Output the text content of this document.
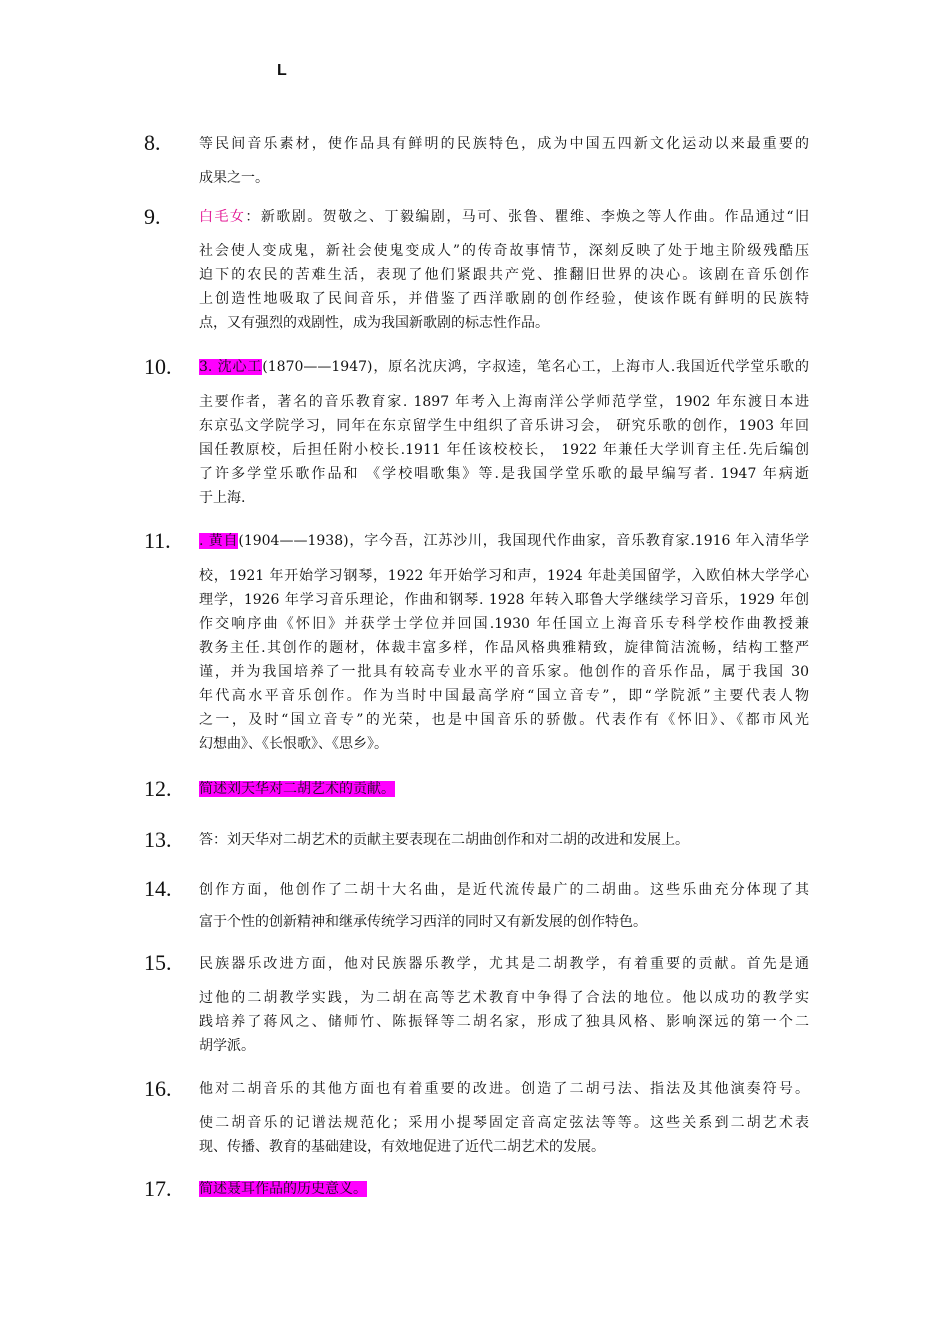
L
8.	等民间音乐素材，使作品具有鲜明的民族特色，成为中国五四新文化运动以来最重要的
成果之一。
9.	白毛女：新歌剧。贺敬之、丁毅编剧，马可、张鲁、瞿维、李焕之等人作曲。作品通过“旧
社会使人变成鬼，新社会使鬼变成人”的传奇故事情节，深刻反映了处于地主阶级残酷压
迫下的农民的苦难生活，表现了他们紧跟共产党、推翻旧世界的决心。该剧在音乐创作
上创造性地吸取了民间音乐，并借鉴了西洋歌剧的创作经验，使该作既有鲜明的民族特
点，又有强烈的戏剧性，成为我国新歌剧的标志性作品。
10. 3. 沈心工(1870——1947)，原名沈庆鸿，字叔逵，笔名心工，上海市人.我国近代学堂乐歌的
主要作者，著名的音乐教育家. 1897 年考入上海南洋公学师范学堂，1902 年东渡日本进
东京弘文学院学习，同年在东京留学生中组织了音乐讲习会， 研究乐歌的创作，1903 年回
国任教原校，后担任附小校长.1911 年任该校校长， 1922 年兼任大学训育主任.先后编创
了许多学堂乐歌作品和 《学校唱歌集》等.是我国学堂乐歌的最早编写者. 1947 年病逝
于上海.
11. . 黄自(1904——1938)，字今吾，江苏沙川，我国现代作曲家，音乐教育家.1916 年入清华学
校，1921 年开始学习钢琴，1922 年开始学习和声，1924 年赴美国留学，入欧伯林大学学心
理学，1926 年学习音乐理论，作曲和钢琴. 1928 年转入耶鲁大学继续学习音乐，1929 年创
作交响序曲《怀旧》并获学士学位并回国.1930 年任国立上海音乐专科学校作曲教授兼
教务主任.其创作的题材，体裁丰富多样，作品风格典雅精致，旋律简洁流畅，结构工整严
谨，并为我国培养了一批具有较高专业水平的音乐家。他创作的音乐作品，属于我国 30
年代高水平音乐创作。作为当时中国最高学府“国立音专”，即“学院派”主要代表人物
之一，及时“国立音专”的光荣，也是中国音乐的骄傲。代表作有《怀旧》、《都市风光
幻想曲》、《长恨歌》、《思乡》。
12. 简述刘天华对二胡艺术的贡献。
13. 答：刘天华对二胡艺术的贡献主要表现在二胡曲创作和对二胡的改进和发展上。
14. 创作方面，他创作了二胡十大名曲，是近代流传最广的二胡曲。这些乐曲充分体现了其
富于个性的创新精神和继承传统学习西洋的同时又有新发展的创作特色。
15. 民族器乐改进方面，他对民族器乐教学，尤其是二胡教学，有着重要的贡献。首先是通
过他的二胡教学实践，为二胡在高等艺术教育中争得了合法的地位。他以成功的教学实
践培养了蒋风之、储师竹、陈振铎等二胡名家，形成了独具风格、影响深远的第一个二
胡学派。
16. 他对二胡音乐的其他方面也有着重要的改进。创造了二胡弓法、指法及其他演奏符号。
使二胡音乐的记谱法规范化；采用小提琴固定音高定弦法等等。这些关系到二胡艺术表
现、传播、教育的基础建设，有效地促进了近代二胡艺术的发展。
17. 简述聂耳作品的历史意义。
